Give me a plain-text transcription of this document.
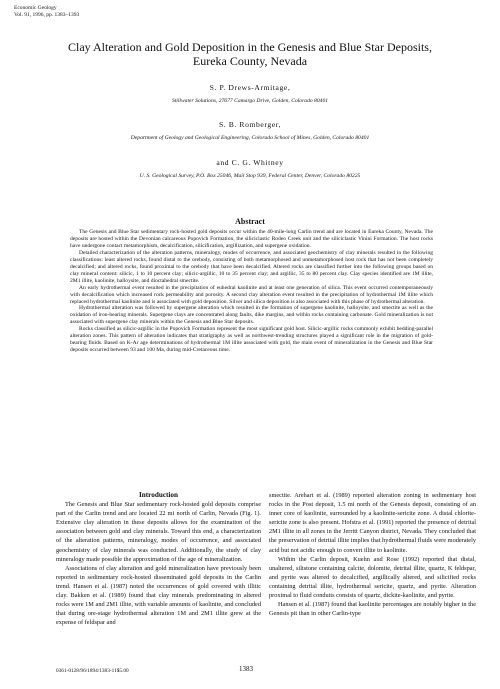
Economic Geology
Vol. 91, 1996, pp. 1383–1393
Clay Alteration and Gold Deposition in the Genesis and Blue Star Deposits,
Eureka County, Nevada
S. P. Drews-Armitage,
Stillwater Solutions, 27677 Camargo Drive, Golden, Colorado 80401
S. B. Romberger,
Department of Geology and Geological Engineering, Colorado School of Mines, Golden, Colorado 80401
and C. G. Whitney
U. S. Geological Survey, P.O. Box 25046, Mail Stop 939, Federal Center, Denver, Colorado 80225
Abstract

The Genesis and Blue Star sedimentary rock-hosted gold deposits occur within the 40-mile-long Carlin trend and are located in Eureka County, Nevada. The deposits are hosted within the Devonian calcareous Popovich Formation, the siliciclastic Rodeo Creek unit and the siliciclastic Vinini Formation. The host rocks have undergone contact metamorphism, decalcification, silicification, argillization, and supergene oxidation.

Detailed characterization of the alteration patterns, mineralogy, modes of occurrence, and associated geochemistry of clay minerals resulted in the following classifications: least altered rocks, found distal to the orebody, consisting of both metamorphosed and unmetamorphosed host rock that has not been completely decalcified; and altered rocks, found proximal to the orebody that have been decalcified. Altered rocks are classified further into the following groups based on clay mineral content: silicic, 1 to 10 percent clay; silicic-argillic, 10 to 35 percent clay; and argillic, 35 to 80 percent clay. Clay species identified are 1M illite, 2M1 illite, kaolinite, halloysite, and dioctahedral smectite.

An early hydrothermal event resulted in the precipitation of euhedral kaolinite and at least one generation of silica. This event occurred contemporaneously with decalcification which increased rock permeability and porosity. A second clay alteration event resulted in the precipitation of hydrothermal 1M illite which replaced hydrothermal kaolinite and is associated with gold deposition. Silver and silica deposition is also associated with this phase of hydrothermal alteration.

Hydrothermal alteration was followed by supergene alteration which resulted in the formation of supergene kaolinite, halloysite, and smectite as well as the oxidation of iron-bearing minerals. Supergene clays are concentrated along faults, dike margins, and within rocks containing carbonate. Gold mineralization is not associated with supergene clay minerals within the Genesis and Blue Star deposits.

Rocks classified as silicic-argillic in the Popovich Formation represent the most significant gold host. Silicic-argillic rocks commonly exhibit bedding-parallel alteration zones. This pattern of alteration indicates that stratigraphy as well as northwest-trending structures played a significant role in the migration of gold-bearing fluids. Based on K-Ar age determinations of hydrothermal 1M illite associated with gold, the main event of mineralization in the Genesis and Blue Star deposits occurred between 93 and 100 Ma, during mid-Cretaceous time.

Introduction

The Genesis and Blue Star sedimentary rock-hosted gold deposits comprise part of the Carlin trend and are located 22 mi north of Carlin, Nevada (Fig. 1). Extensive clay alteration in these deposits allows for the examination of the association between gold and clay minerals. Toward this end, a characterization of the alteration patterns, mineralogy, modes of occurrence, and associated geochemistry of clay minerals was conducted. Additionally, the study of clay mineralogy made possible the approximation of the age of mineralization.

Associations of clay alteration and gold mineralization have previously been reported in sedimentary rock-hosted disseminated gold deposits in the Carlin trend. Hansen et al. (1987) noted the occurrences of gold covered with illitic clay. Bakken et al. (1989) found that clay minerals predominating in altered rocks were 1M and 2M1 illite, with variable amounts of kaolinite, and concluded that during ore-stage hydrothermal alteration 1M and 2M1 illite grew at the expense of feldspar and

smectite. Arehart et al. (1989) reported alteration zoning in sedimentary host rocks in the Post deposit, 1.5 mi north of the Genesis deposit, consisting of an inner core of kaolinite, surrounded by a kaolinite-sericite zone. A distal chlorite-sericite zone is also present. Hofstra et al. (1991) reported the presence of detrital 2M1 illite in all zones in the Jerritt Canyon district, Nevada. They concluded that the preservation of detrital illite implies that hydrothermal fluids were moderately acid but not acidic enough to convert illite to kaolinite.

Within the Carlin deposit, Kuehn and Rose (1992) reported that distal, unaltered, siltstone containing calcite, dolomite, detrital illite, quartz, K feldspar, and pyrite was altered to decalcified, argillically altered, and silicified rocks containing detrital illite, hydrothermal sericite, quartz, and pyrite. Alteration proximal to fluid conduits consists of quartz, dickite-kaolinite, and pyrite.

Hansen et al. (1987) found that kaolinite percentages are notably higher in the Genesis pit than in other Carlin-type

0361-0128/96/1894/1383-11$5.00	1383
